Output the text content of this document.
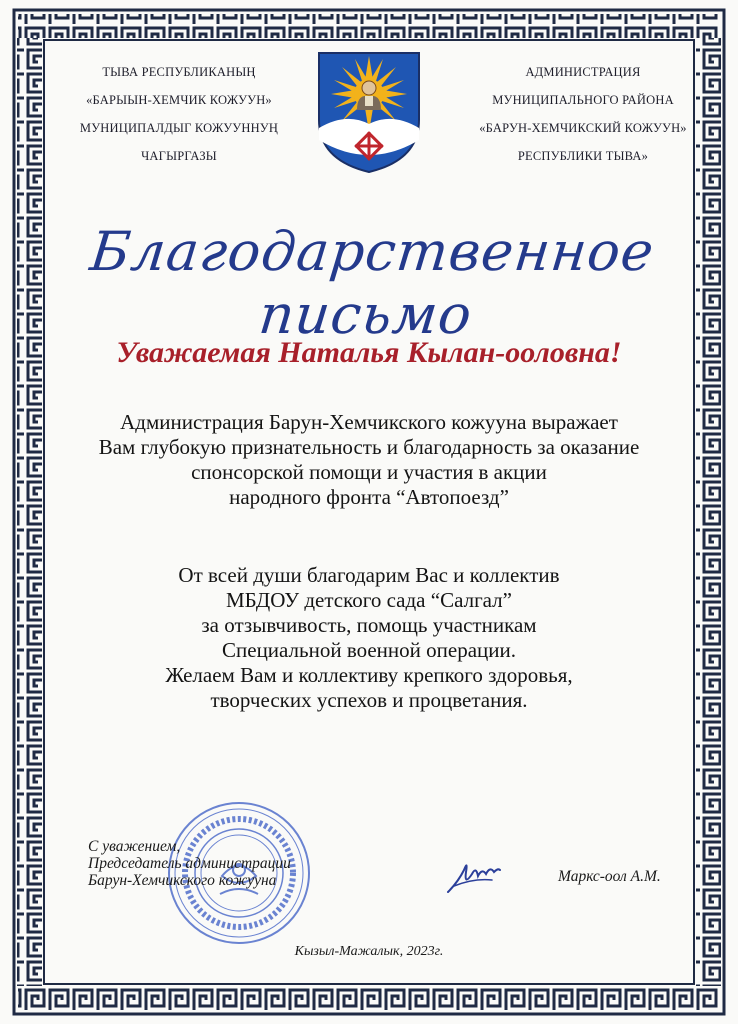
ТЫВА РЕСПУБЛИКАНЫҢ
«БАРЫЫН-ХЕМЧИК КОЖУУН»
МУНИЦИПАЛДЫГ КОЖУУННУҢ
ЧАГЫРГАЗЫ
АДМИНИСТРАЦИЯ
МУНИЦИПАЛЬНОГО РАЙОНА
«БАРУН-ХЕМЧИКСКИЙ КОЖУУН»
РЕСПУБЛИКИ ТЫВА»
Благодарственное письмо
Уважаемая Наталья Кылан-ооловна!
Администрация Барун-Хемчикского кожууна выражает
Вам глубокую признательность и благодарность за оказание
спонсорской помощи и участия в акции
народного фронта “Автопоезд”
От всей души благодарим Вас и коллектив
МБДОУ детского сада “Салгал”
за отзывчивость, помощь участникам
Специальной военной операции.
Желаем Вам и коллективу крепкого здоровья,
творческих успехов и процветания.
С уважением,
Председатель администрации
Барун-Хемчикского кожууна	Маркс-оол А.М.
Кызыл-Мажалык, 2023г.
